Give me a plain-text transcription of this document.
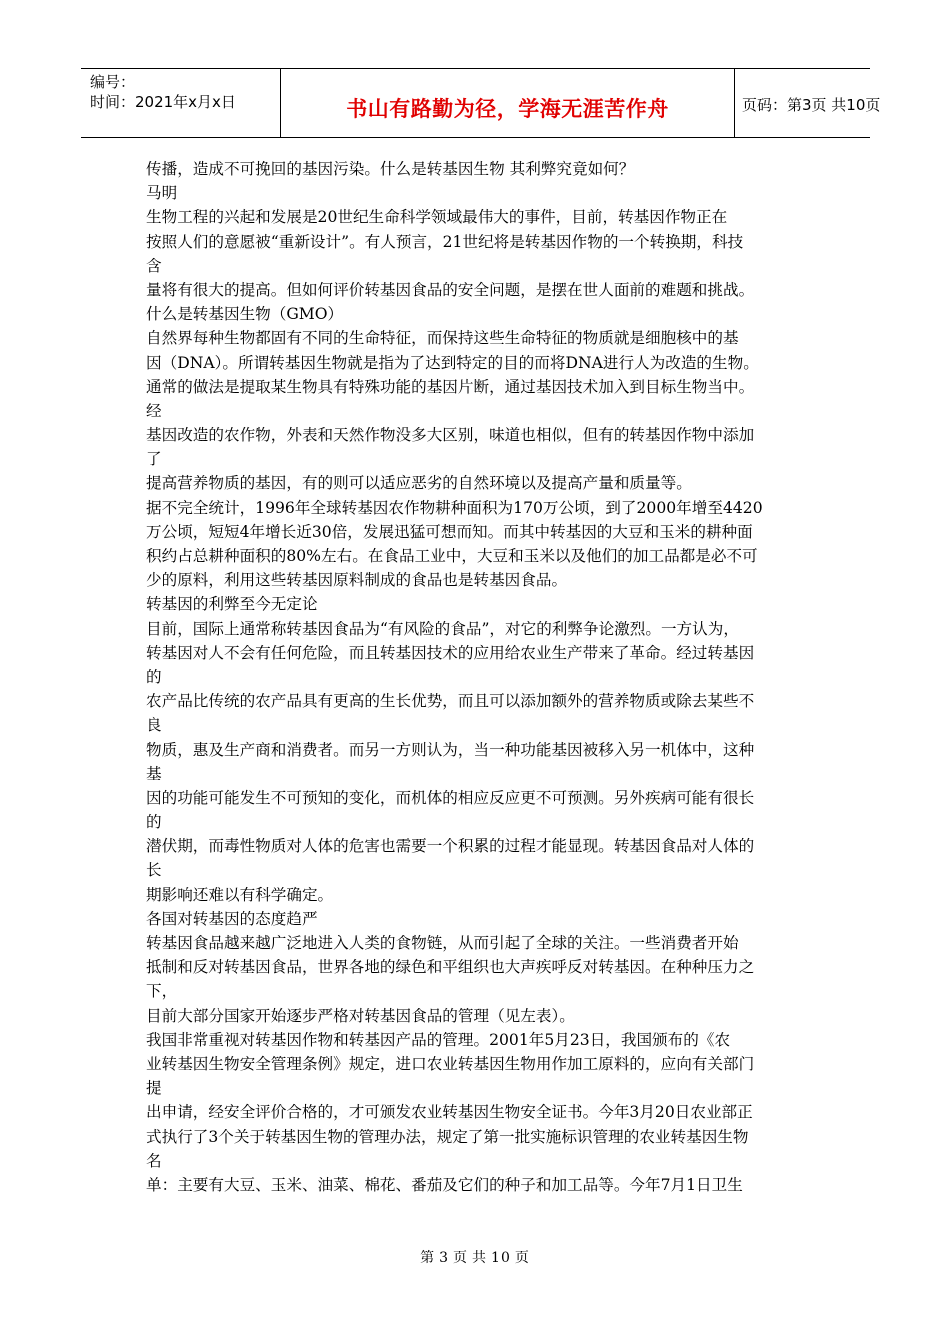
编号：
时间：2021年x月x日	书山有路勤为径，学海无涯苦作舟	页码：第3页 共10页
传播，造成不可挽回的基因污染。什么是转基因生物 其利弊究竟如何？
马明
生物工程的兴起和发展是20世纪生命科学领域最伟大的事件，目前，转基因作物正在
按照人们的意愿被“重新设计”。有人预言，21世纪将是转基因作物的一个转换期，科技
含
量将有很大的提高。但如何评价转基因食品的安全问题，是摆在世人面前的难题和挑战。
什么是转基因生物（GMO）
自然界每种生物都固有不同的生命特征，而保持这些生命特征的物质就是细胞核中的基
因（DNA）。所谓转基因生物就是指为了达到特定的目的而将DNA进行人为改造的生物。
通常的做法是提取某生物具有特殊功能的基因片断，通过基因技术加入到目标生物当中。
经
基因改造的农作物，外表和天然作物没多大区别，味道也相似，但有的转基因作物中添加
了
提高营养物质的基因，有的则可以适应恶劣的自然环境以及提高产量和质量等。
据不完全统计，1996年全球转基因农作物耕种面积为170万公顷，到了2000年增至4420
万公顷，短短4年增长近30倍，发展迅猛可想而知。而其中转基因的大豆和玉米的耕种面
积约占总耕种面积的80%左右。在食品工业中，大豆和玉米以及他们的加工品都是必不可
少的原料，利用这些转基因原料制成的食品也是转基因食品。
转基因的利弊至今无定论
目前，国际上通常称转基因食品为“有风险的食品”，对它的利弊争论激烈。一方认为，
转基因对人不会有任何危险，而且转基因技术的应用给农业生产带来了革命。经过转基因
的
农产品比传统的农产品具有更高的生长优势，而且可以添加额外的营养物质或除去某些不
良
物质，惠及生产商和消费者。而另一方则认为，当一种功能基因被移入另一机体中，这种
基
因的功能可能发生不可预知的变化，而机体的相应反应更不可预测。另外疾病可能有很长
的
潜伏期，而毒性物质对人体的危害也需要一个积累的过程才能显现。转基因食品对人体的
长
期影响还难以有科学确定。
各国对转基因的态度趋严
转基因食品越来越广泛地进入人类的食物链，从而引起了全球的关注。一些消费者开始
抵制和反对转基因食品，世界各地的绿色和平组织也大声疾呼反对转基因。在种种压力之
下，
目前大部分国家开始逐步严格对转基因食品的管理（见左表）。
我国非常重视对转基因作物和转基因产品的管理。2001年5月23日，我国颁布的《农
业转基因生物安全管理条例》规定，进口农业转基因生物用作加工原料的，应向有关部门
提
出申请，经安全评价合格的，才可颁发农业转基因生物安全证书。今年3月20日农业部正
式执行了3个关于转基因生物的管理办法，规定了第一批实施标识管理的农业转基因生物
名
单：主要有大豆、玉米、油菜、棉花、番茄及它们的种子和加工品等。今年7月1日卫生
第 3 页 共 10 页
